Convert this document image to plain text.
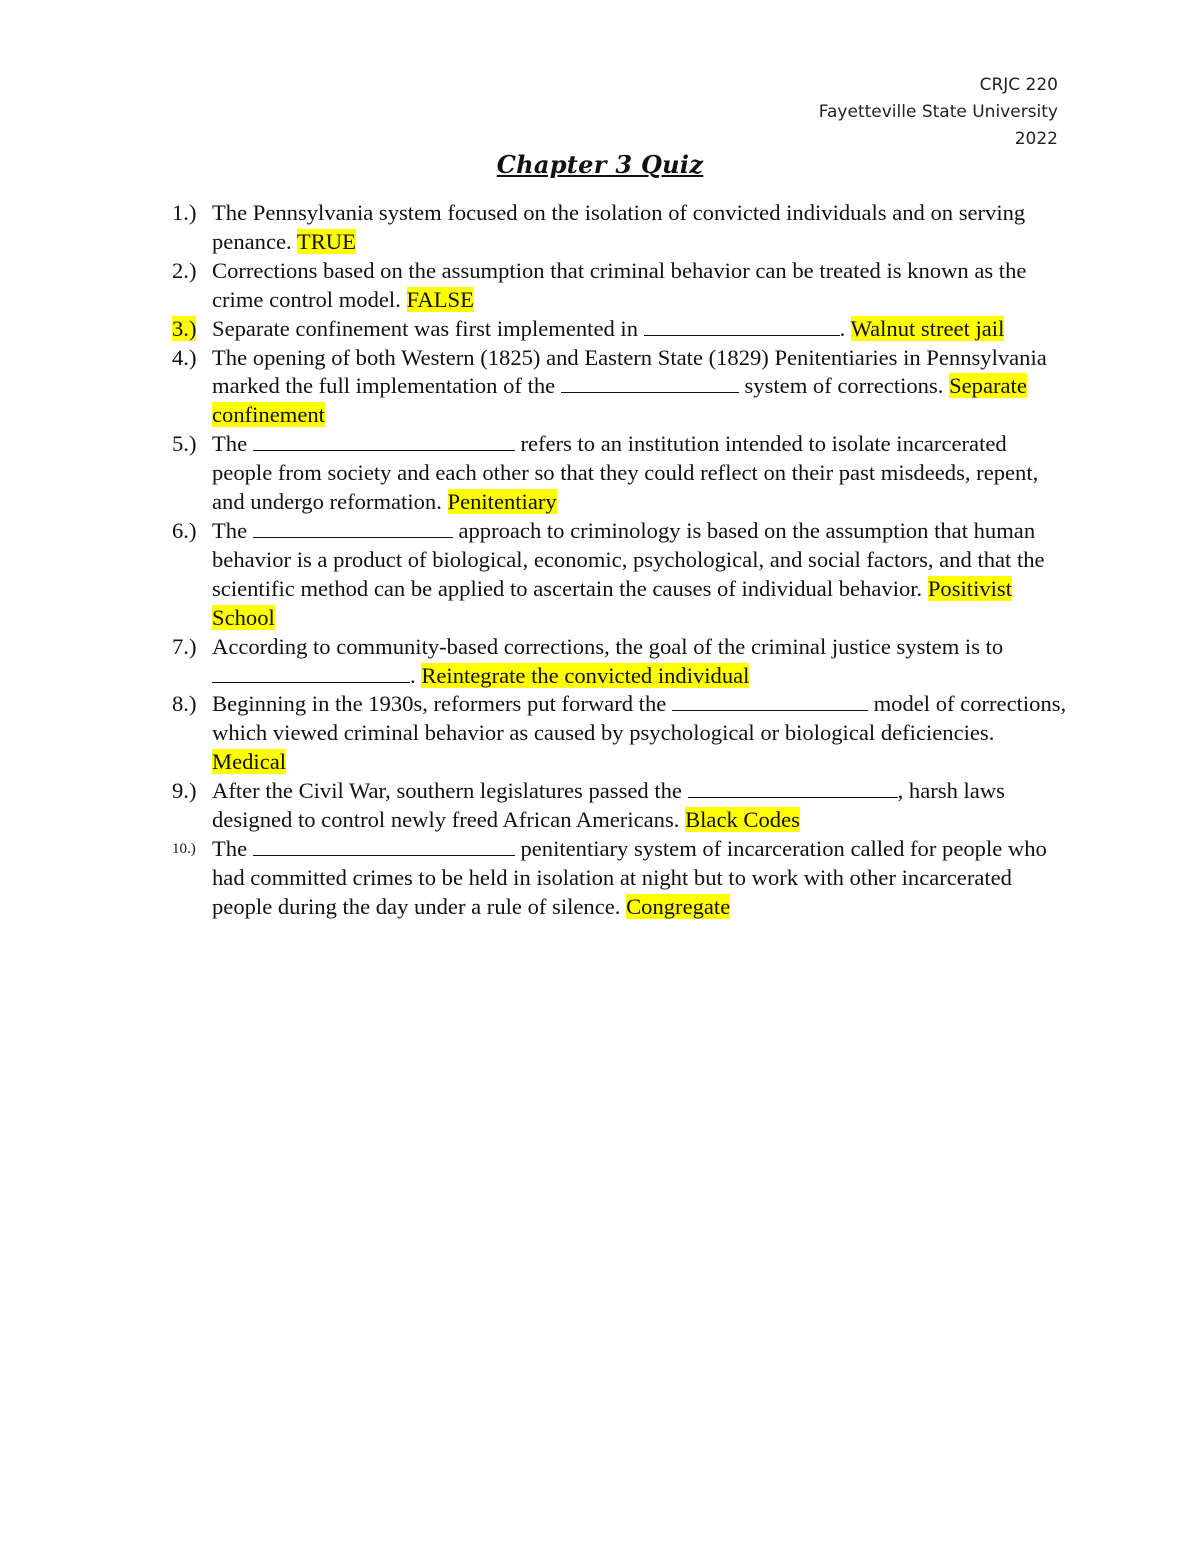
CRJC 220
Fayetteville State University
2022
Chapter 3 Quiz
1.) The Pennsylvania system focused on the isolation of convicted individuals and on serving penance. TRUE
2.) Corrections based on the assumption that criminal behavior can be treated is known as the crime control model. FALSE
3.) Separate confinement was first implemented in	. Walnut street jail
4.) The opening of both Western (1825) and Eastern State (1829) Penitentiaries in Pennsylvania marked the full implementation of the	system of corrections. Separate confinement
5.) The	refers to an institution intended to isolate incarcerated people from society and each other so that they could reflect on their past misdeeds, repent, and undergo reformation. Penitentiary
6.) The	approach to criminology is based on the assumption that human behavior is a product of biological, economic, psychological, and social factors, and that the scientific method can be applied to ascertain the causes of individual behavior. Positivist School
7.) According to community-based corrections, the goal of the criminal justice system is to . Reintegrate the convicted individual
8.) Beginning in the 1930s, reformers put forward the	model of corrections, which viewed criminal behavior as caused by psychological or biological deficiencies. Medical
9.) After the Civil War, southern legislatures passed the	, harsh laws designed to control newly freed African Americans. Black Codes
10.) The	penitentiary system of incarceration called for people who had committed crimes to be held in isolation at night but to work with other incarcerated people during the day under a rule of silence. Congregate
